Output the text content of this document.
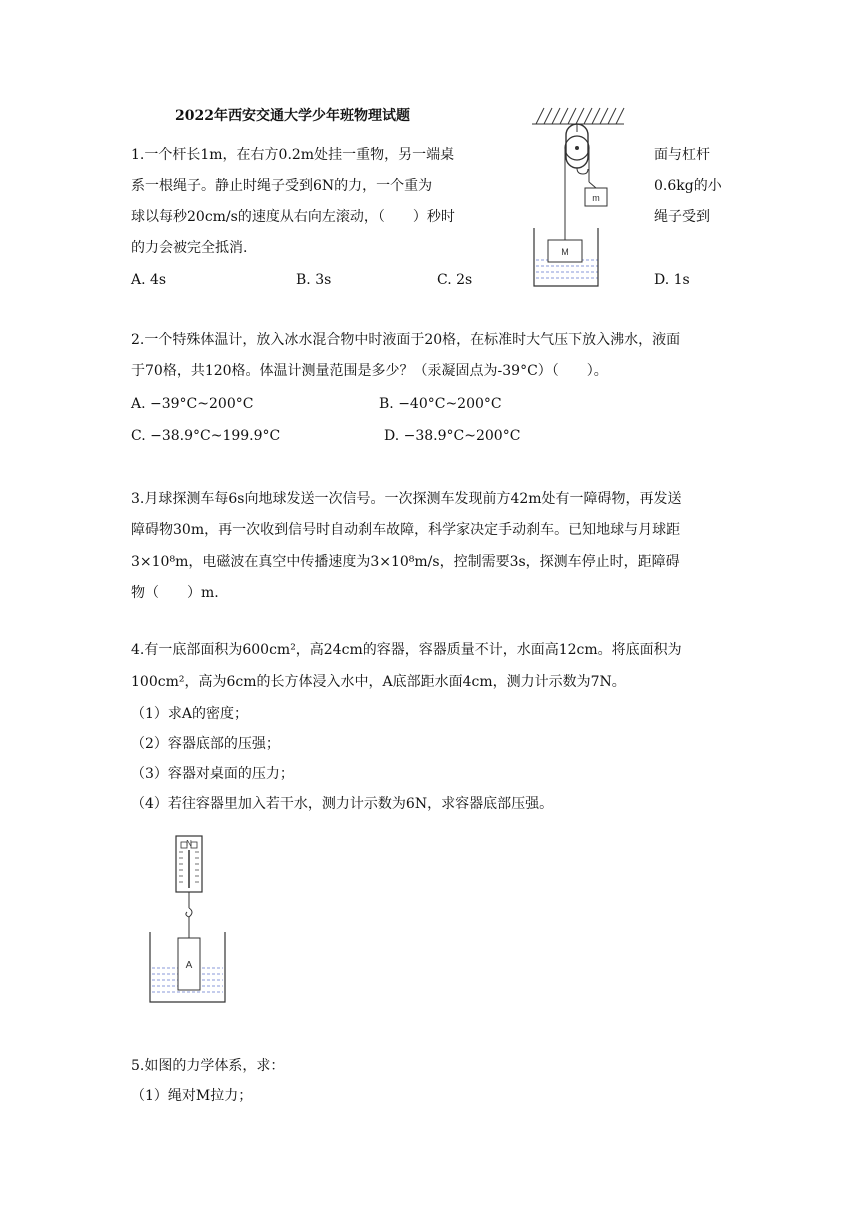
2022年西安交通大学少年班物理试题
1.一个杆长1m，在右方0.2m处挂一重物，另一端桌	面与杠杆
系一根绳子。静止时绳子受到6N的力，一个重为	0.6kg的小
球以每秒20cm/s的速度从右向左滚动，（　　）秒时	绳子受到
的力会被完全抵消.
A. 4s	B. 3s	C. 2s	D. 1s
m
M
2.一个特殊体温计，放入冰水混合物中时液面于20格，在标准时大气压下放入沸水，液面
于70格，共120格。体温计测量范围是多少？（汞凝固点为-39°C）（　　）。
A. −39°C~200°C	B. −40°C~200°C
C. −38.9°C~199.9°C	D. −38.9°C~200°C
3.月球探测车每6s向地球发送一次信号。一次探测车发现前方42m处有一障碍物，再发送
障碍物30m，再一次收到信号时自动刹车故障，科学家决定手动刹车。已知地球与月球距
3×10⁸m，电磁波在真空中传播速度为3×10⁸m/s，控制需要3s，探测车停止时，距障碍
物（　　）m.
4.有一底部面积为600cm²，高24cm的容器，容器质量不计，水面高12cm。将底面积为
100cm²，高为6cm的长方体浸入水中，A底部距水面4cm，测力计示数为7N。
（1）求A的密度；
（2）容器底部的压强；
（3）容器对桌面的压力；
（4）若往容器里加入若干水，测力计示数为6N，求容器底部压强。
N
A
5.如图的力学体系，求：
（1）绳对M拉力；
